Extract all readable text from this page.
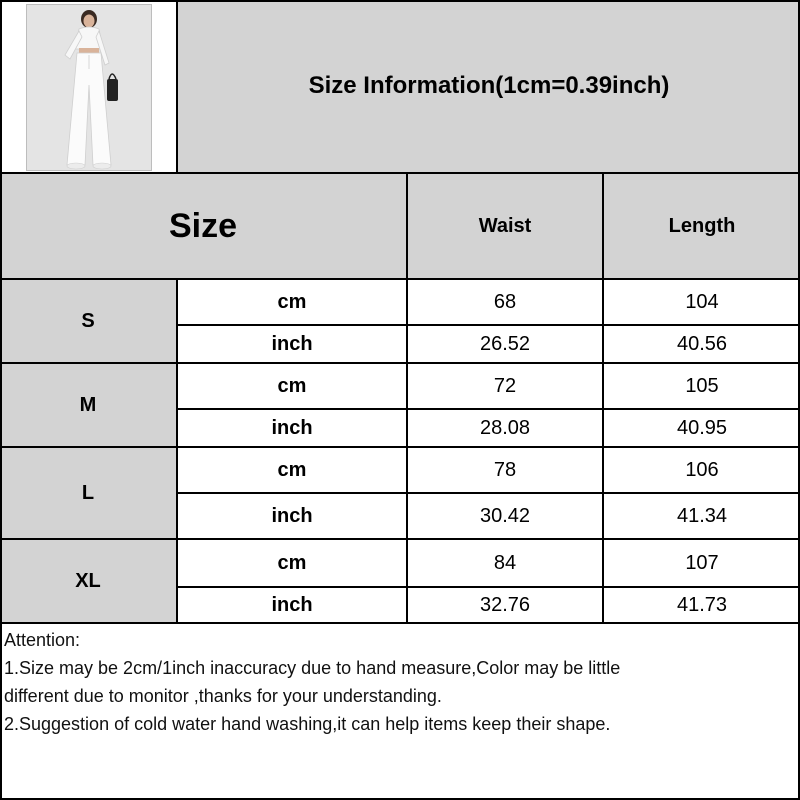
Size Information(1cm=0.39inch)
Size	Waist	Length
S
cm	68	104
inch	26.52	40.56
M
cm	72	105
inch	28.08	40.95
L
cm	78	106
inch	30.42	41.34
XL
cm	84	107
inch	32.76	41.73
Attention:
1.Size may be 2cm/1inch inaccuracy due to hand measure,Color may be little
different due to monitor ,thanks for your understanding.
2.Suggestion of cold water hand washing,it can help items keep their shape.
